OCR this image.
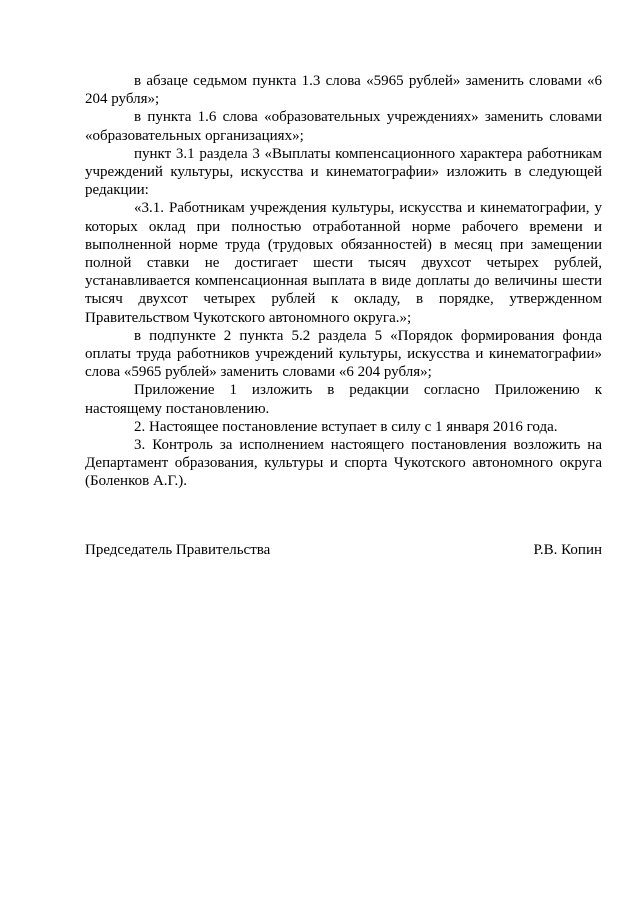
в абзаце седьмом пункта 1.3 слова «5965 рублей» заменить словами «6 204 рубля»;

в пункта 1.6 слова «образовательных учреждениях» заменить словами «образовательных организациях»;

пункт 3.1 раздела 3 «Выплаты компенсационного характера работникам учреждений культуры, искусства и кинематографии» изложить в следующей редакции:

«3.1. Работникам учреждения культуры, искусства и кинематографии, у которых оклад при полностью отработанной норме рабочего времени и выполненной норме труда (трудовых обязанностей) в месяц при замещении полной ставки не достигает шести тысяч двухсот четырех рублей, устанавливается компенсационная выплата в виде доплаты до величины шести тысяч двухсот четырех рублей к окладу, в порядке, утвержденном Правительством Чукотского автономного округа.»;

в подпункте 2 пункта 5.2 раздела 5 «Порядок формирования фонда оплаты труда работников учреждений культуры, искусства и кинематографии» слова «5965 рублей» заменить словами «6 204 рубля»;

Приложение 1 изложить в редакции согласно Приложению к настоящему постановлению.

2. Настоящее постановление вступает в силу с 1 января 2016 года.

3. Контроль за исполнением настоящего постановления возложить на Департамент образования, культуры и спорта Чукотского автономного округа (Боленков А.Г.).

Председатель Правительства	Р.В. Копин
